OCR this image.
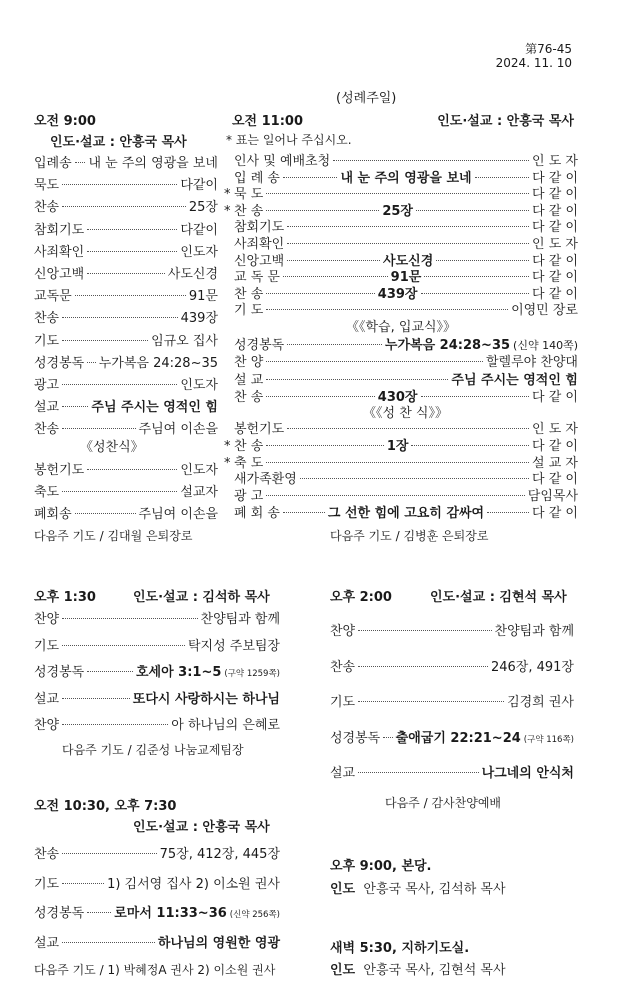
第76-45
2024. 11. 10
(성례주일)
오전 9:00
인도·설교 : 안흥국 목사
입례송 내 눈 주의 영광을 보네
묵도	다같이
찬송	25장
참회기도	다같이
사죄확인	인도자
신앙고백	사도신경
교독문	91문
찬송	439장
기도	임규오 집사
성경봉독 누가복음 24:28~35
광고	인도자
설교 주님 주시는 영적인 힘
찬송	주님여 이손을
《성찬식》
봉헌기도	인도자
축도	설교자
폐회송	주님여 이손을
다음주 기도 / 김대월 은퇴장로
오전 11:00	인도·설교 : 안흥국 목사
* 표는 일어나 주십시오.
인사 및 예배초청	인 도 자
입 례 송	내 눈 주의 영광을 보네	다 같 이
* 묵 도	다 같 이
* 찬 송	25장	다 같 이
참회기도	다 같 이
사죄확인	인 도 자
신앙고백	사도신경	다 같 이
교 독 문	91문	다 같 이
찬 송	439장	다 같 이
기 도	이영민 장로
《《학습, 입교식》》
성경봉독	누가복음 24:28~35 (신약 140쪽)
찬 양	할렐루야 찬양대
설 교	주님 주시는 영적인 힘
찬 송	430장	다 같 이
《《성 찬 식》》
봉헌기도	인 도 자
* 찬 송	1장	다 같 이
* 축 도	설 교 자
새가족환영	다 같 이
광 고	담임목사
폐 회 송	그 선한 힘에 고요히 감싸여	다 같 이
다음주 기도 / 김병훈 은퇴장로
오후 1:30	인도·설교 : 김석하 목사
찬양	찬양팀과 함께
기도	탁지성 주보팀장
성경봉독	호세아 3:1~5 (구약 1259쪽)
설교	또다시 사랑하시는 하나님
찬양	아 하나님의 은혜로
다음주 기도 / 김준성 나눔교제팀장
오후 2:00	인도·설교 : 김현석 목사
찬양	찬양팀과 함께
찬송	246장, 491장
기도	김경희 권사
성경봉독 출애굽기 22:21~24 (구약 116쪽)
설교	나그네의 안식처
다음주 / 감사찬양예배
오전 10:30, 오후 7:30
인도·설교 : 안흥국 목사
찬송	75장, 412장, 445장
기도	1) 김서영 집사 2) 이소원 권사
성경봉독 로마서 11:33~36 (신약 256쪽)
설교	하나님의 영원한 영광
다음주 기도 / 1) 박혜정A 권사 2) 이소원 권사
오후 9:00, 본당.
인도 안흥국 목사, 김석하 목사
새벽 5:30, 지하기도실.
인도 안흥국 목사, 김현석 목사
